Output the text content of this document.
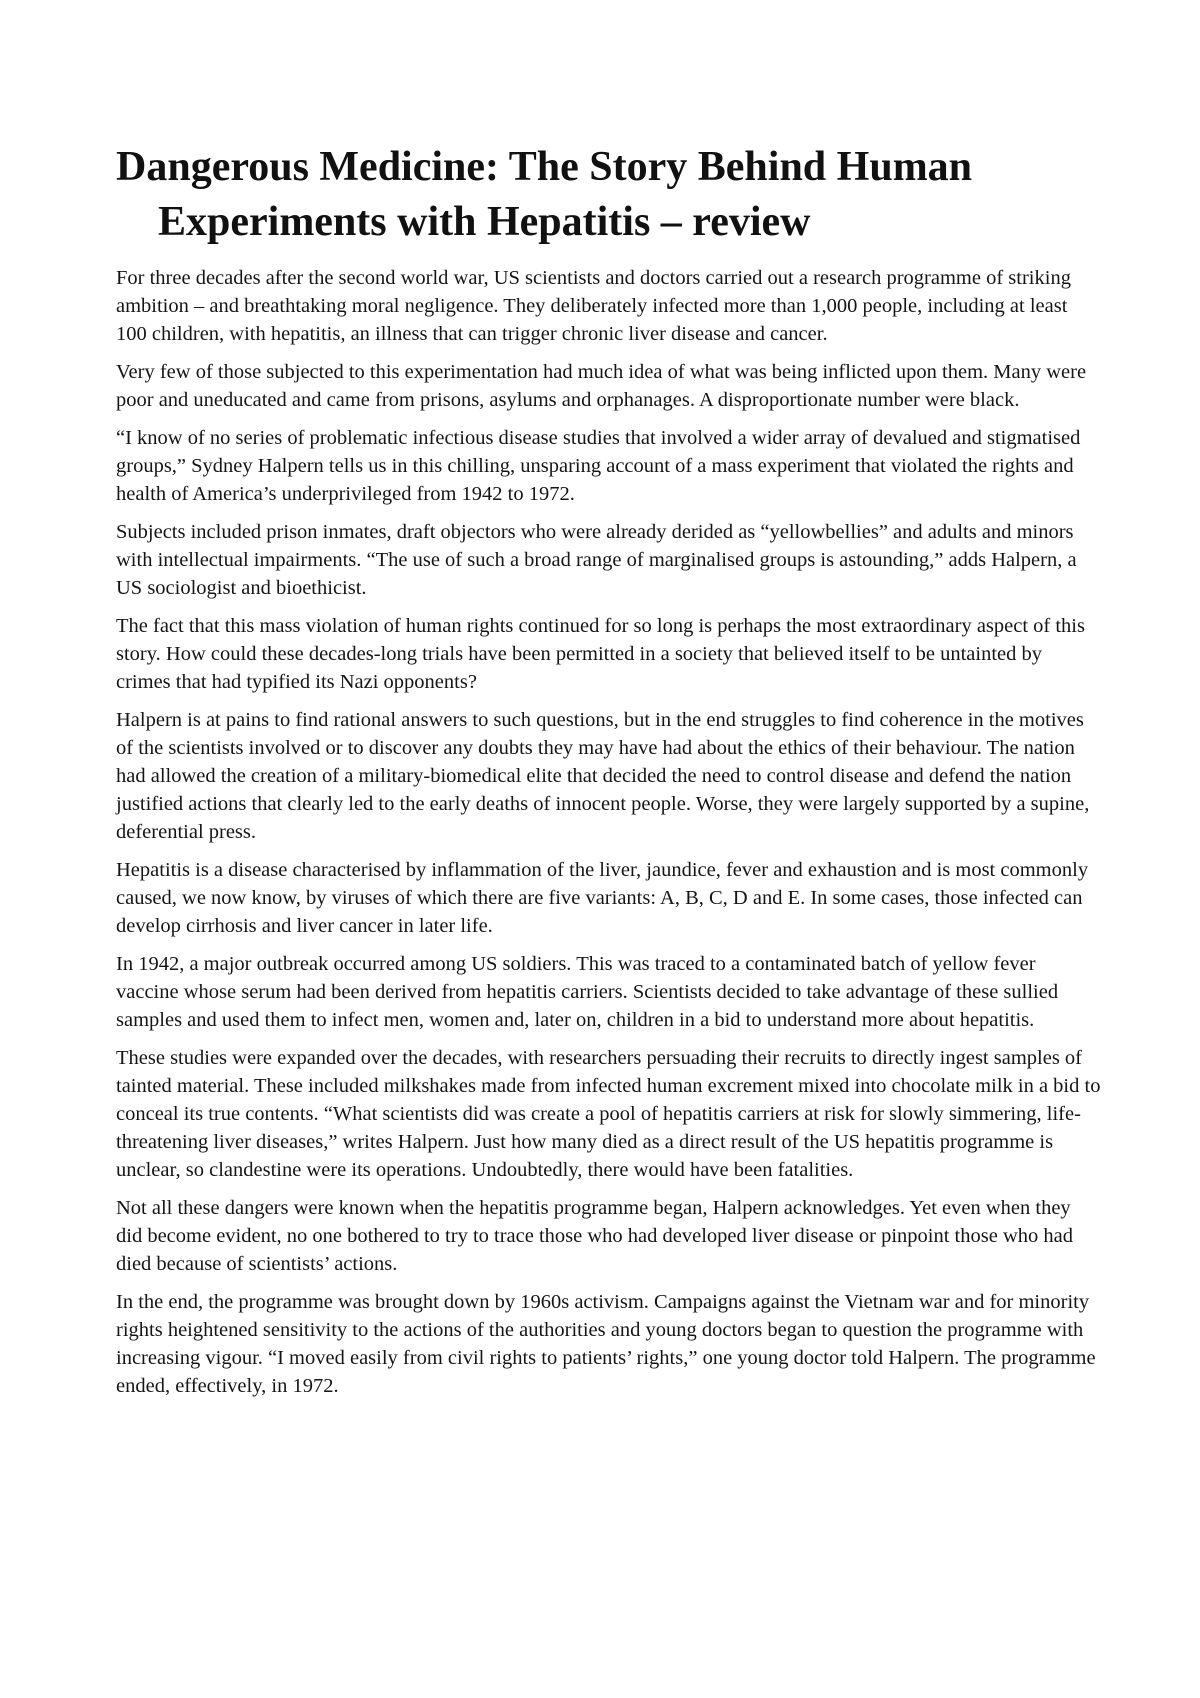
Dangerous Medicine: The Story Behind Human Experiments with Hepatitis – review

For three decades after the second world war, US scientists and doctors carried out a research programme of striking ambition – and breathtaking moral negligence. They deliberately infected more than 1,000 people, including at least 100 children, with hepatitis, an illness that can trigger chronic liver disease and cancer.

Very few of those subjected to this experimentation had much idea of what was being inflicted upon them. Many were poor and uneducated and came from prisons, asylums and orphanages. A disproportionate number were black.

“I know of no series of problematic infectious disease studies that involved a wider array of devalued and stigmatised groups,” Sydney Halpern tells us in this chilling, unsparing account of a mass experiment that violated the rights and health of America’s underprivileged from 1942 to 1972.

Subjects included prison inmates, draft objectors who were already derided as “yellowbellies” and adults and minors with intellectual impairments. “The use of such a broad range of marginalised groups is astounding,” adds Halpern, a US sociologist and bioethicist.

The fact that this mass violation of human rights continued for so long is perhaps the most extraordinary aspect of this story. How could these decades-long trials have been permitted in a society that believed itself to be untainted by crimes that had typified its Nazi opponents?

Halpern is at pains to find rational answers to such questions, but in the end struggles to find coherence in the motives of the scientists involved or to discover any doubts they may have had about the ethics of their behaviour. The nation had allowed the creation of a military-biomedical elite that decided the need to control disease and defend the nation justified actions that clearly led to the early deaths of innocent people. Worse, they were largely supported by a supine, deferential press.

Hepatitis is a disease characterised by inflammation of the liver, jaundice, fever and exhaustion and is most commonly caused, we now know, by viruses of which there are five variants: A, B, C, D and E. In some cases, those infected can develop cirrhosis and liver cancer in later life.

In 1942, a major outbreak occurred among US soldiers. This was traced to a contaminated batch of yellow fever vaccine whose serum had been derived from hepatitis carriers. Scientists decided to take advantage of these sullied samples and used them to infect men, women and, later on, children in a bid to understand more about hepatitis.

These studies were expanded over the decades, with researchers persuading their recruits to directly ingest samples of tainted material. These included milkshakes made from infected human excrement mixed into chocolate milk in a bid to conceal its true contents. “What scientists did was create a pool of hepatitis carriers at risk for slowly simmering, life-threatening liver diseases,” writes Halpern. Just how many died as a direct result of the US hepatitis programme is unclear, so clandestine were its operations. Undoubtedly, there would have been fatalities.

Not all these dangers were known when the hepatitis programme began, Halpern acknowledges. Yet even when they did become evident, no one bothered to try to trace those who had developed liver disease or pinpoint those who had died because of scientists’ actions.

In the end, the programme was brought down by 1960s activism. Campaigns against the Vietnam war and for minority rights heightened sensitivity to the actions of the authorities and young doctors began to question the programme with increasing vigour. “I moved easily from civil rights to patients’ rights,” one young doctor told Halpern. The programme ended, effectively, in 1972.
